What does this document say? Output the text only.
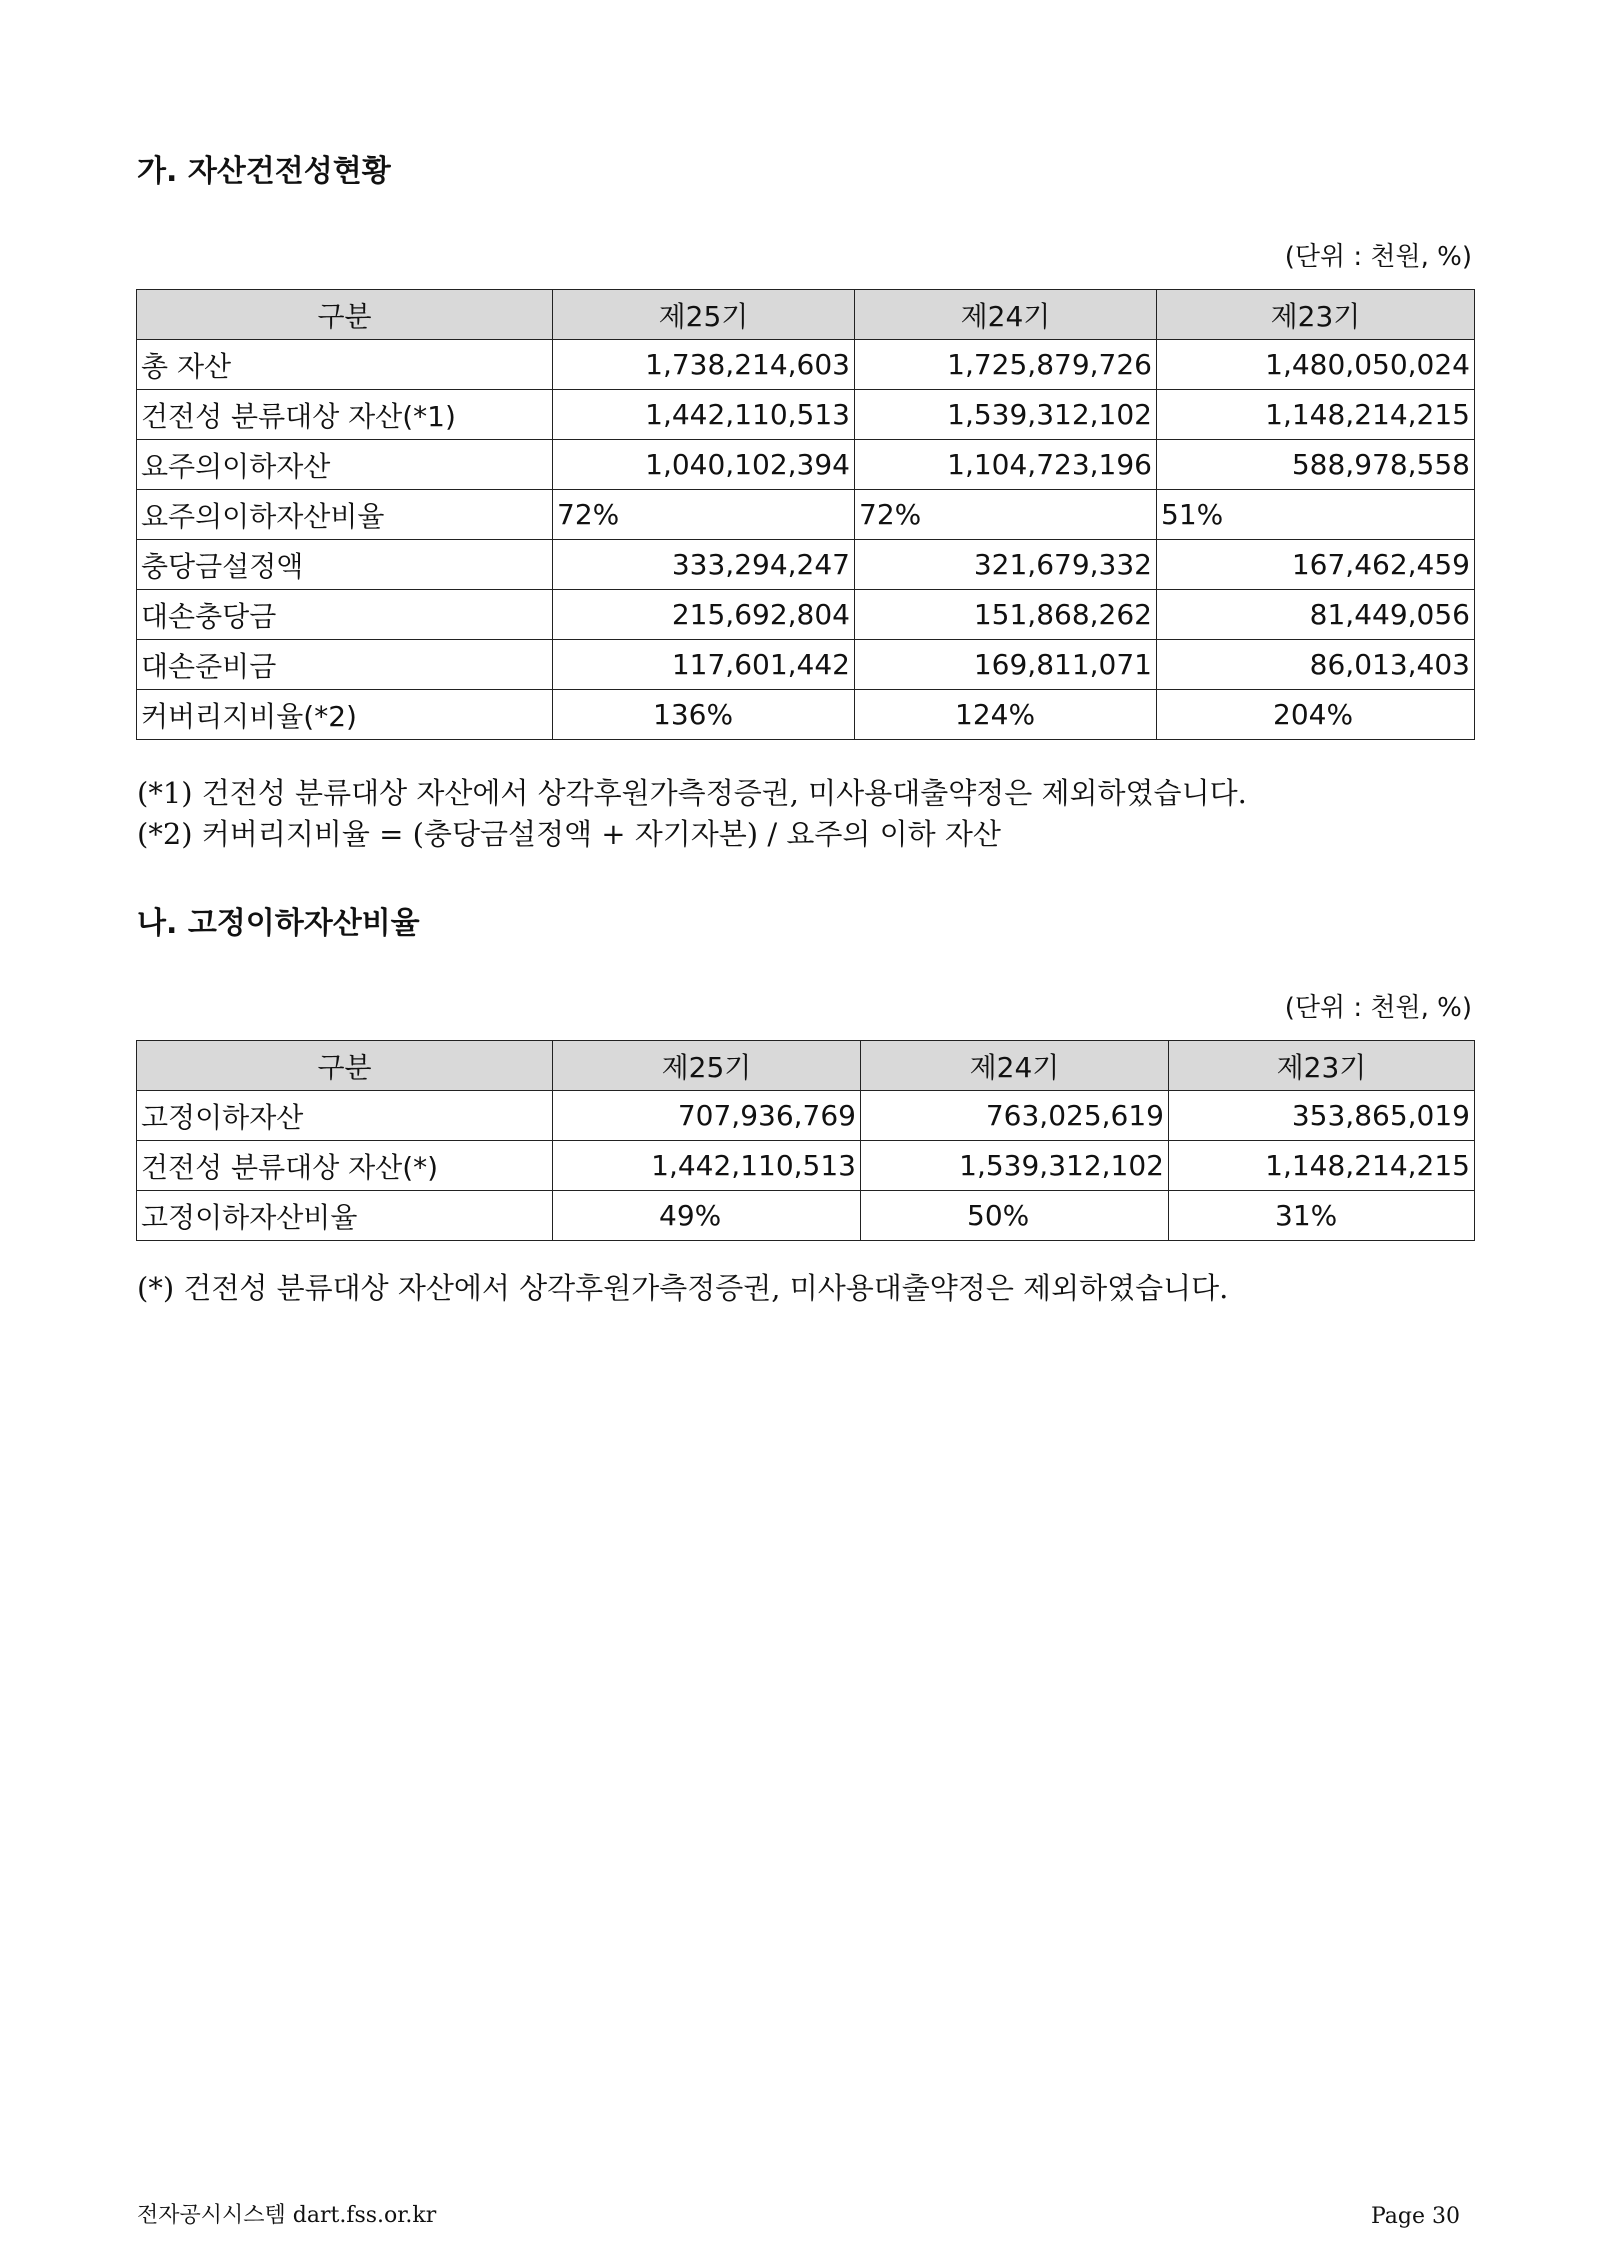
가. 자산건전성현황
(단위 : 천원, %)
구분	제25기	제24기	제23기
총 자산	1,738,214,603	1,725,879,726	1,480,050,024
건전성 분류대상 자산(*1)	1,442,110,513	1,539,312,102	1,148,214,215
요주의이하자산	1,040,102,394	1,104,723,196	588,978,558
요주의이하자산비율	72%	72%	51%
충당금설정액	333,294,247	321,679,332	167,462,459
대손충당금	215,692,804	151,868,262	81,449,056
대손준비금	117,601,442	169,811,071	86,013,403
커버리지비율(*2)	136%	124%	204%
(*1) 건전성 분류대상 자산에서 상각후원가측정증권, 미사용대출약정은 제외하였습니다.
(*2) 커버리지비율 = (충당금설정액 + 자기자본) / 요주의 이하 자산
나. 고정이하자산비율
(단위 : 천원, %)
구분	제25기	제24기	제23기
고정이하자산	707,936,769	763,025,619	353,865,019
건전성 분류대상 자산(*)	1,442,110,513	1,539,312,102	1,148,214,215
고정이하자산비율	49%	50%	31%
(*) 건전성 분류대상 자산에서 상각후원가측정증권, 미사용대출약정은 제외하였습니다.
전자공시시스템 dart.fss.or.kr	Page 30
